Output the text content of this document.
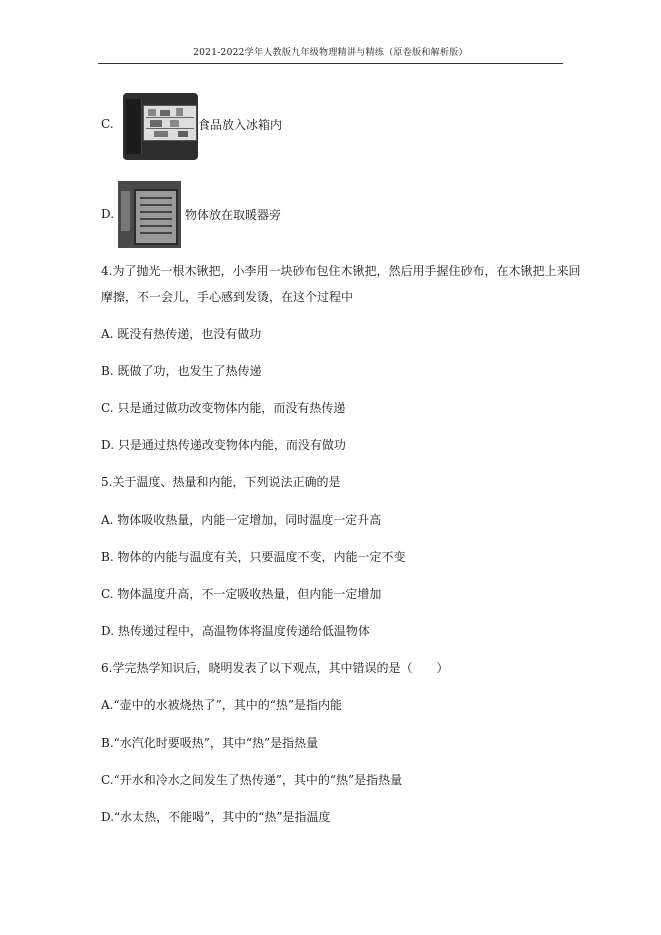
2021-2022学年人教版九年级物理精讲与精练（原卷版和解析版）
C.	食品放入冰箱内
D.	物体放在取暖器旁
4.为了抛光一根木锹把，小李用一块砂布包住木锹把，然后用手握住砂布，在木锹把上来回
摩擦，不一会儿，手心感到发烫，在这个过程中
A. 既没有热传递，也没有做功
B. 既做了功，也发生了热传递
C. 只是通过做功改变物体内能，而没有热传递
D. 只是通过热传递改变物体内能，而没有做功
5.关于温度、热量和内能，下列说法正确的是
A. 物体吸收热量，内能一定增加，同时温度一定升高
B. 物体的内能与温度有关，只要温度不变，内能一定不变
C. 物体温度升高，不一定吸收热量，但内能一定增加
D. 热传递过程中，高温物体将温度传递给低温物体
6.学完热学知识后，晓明发表了以下观点，其中错误的是（　　）
A.“壶中的水被烧热了”，其中的“热”是指内能
B.“水汽化时要吸热”，其中“热”是指热量
C.“开水和冷水之间发生了热传递”，其中的“热”是指热量
D.“水太热，不能喝”，其中的“热”是指温度
